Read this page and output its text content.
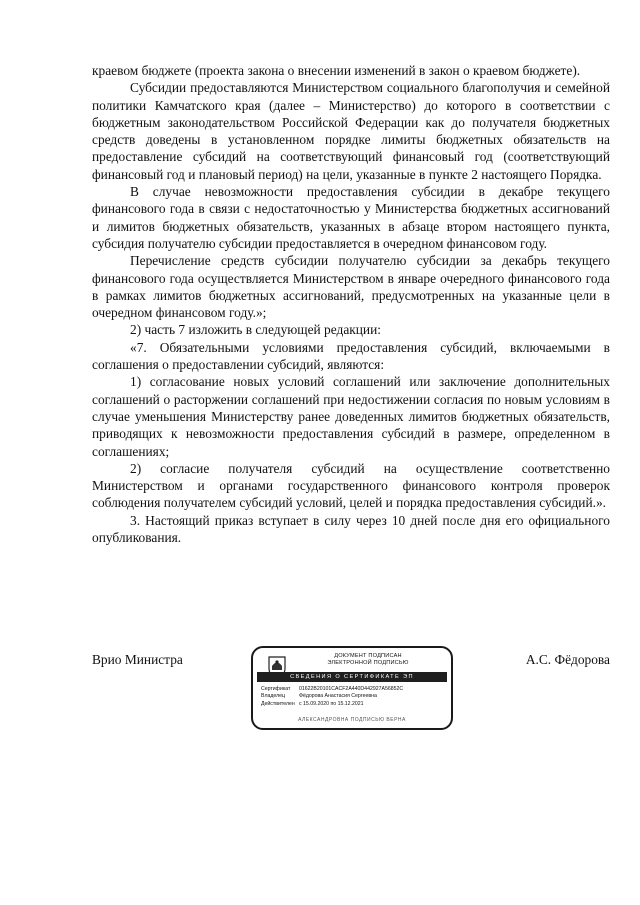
краевом бюджете (проекта закона о внесении изменений в закон о краевом бюджете).

Субсидии предоставляются Министерством социального благополучия и семейной политики Камчатского края (далее – Министерство) до которого в соответствии с бюджетным законодательством Российской Федерации как до получателя бюджетных средств доведены в установленном порядке лимиты бюджетных обязательств на предоставление субсидий на соответствующий финансовый год (соответствующий финансовый год и плановый период) на цели, указанные в пункте 2 настоящего Порядка.

В случае невозможности предоставления субсидии в декабре текущего финансового года в связи с недостаточностью у Министерства бюджетных ассигнований и лимитов бюджетных обязательств, указанных в абзаце втором настоящего пункта, субсидия получателю субсидии предоставляется в очередном финансовом году.

Перечисление средств субсидии получателю субсидии за декабрь текущего финансового года осуществляется Министерством в январе очередного финансового года в рамках лимитов бюджетных ассигнований, предусмотренных на указанные цели в очередном финансовом году.»;

2) часть 7 изложить в следующей редакции:

«7. Обязательными условиями предоставления субсидий, включаемыми в соглашения о предоставлении субсидий, являются:

1) согласование новых условий соглашений или заключение дополнительных соглашений о расторжении соглашений при недостижении согласия по новым условиям в случае уменьшения Министерству ранее доведенных лимитов бюджетных обязательств, приводящих к невозможности предоставления субсидий в размере, определенном в соглашениях;

2) согласие получателя субсидий на осуществление соответственно Министерством и органами государственного финансового контроля проверок соблюдения получателем субсидий условий, целей и порядка предоставления субсидий.».

3. Настоящий приказ вступает в силу через 10 дней после дня его официального опубликования.

Врио Министра	А.С. Фёдорова
ДОКУМЕНТ ПОДПИСАН
ЭЛЕКТРОННОЙ ПОДПИСЬЮ
СВЕДЕНИЯ О СЕРТИФИКАТЕ ЭП
Сертификат	01622B20101CACF2A440D442927A56852C
Владелец	Фёдорова Анастасия Сергеевна
Действителен с 15.09.2020 по 15.12.2021
АЛЕКСАНДРОВНА ПОДПИСЬЮ ВЕРНА
